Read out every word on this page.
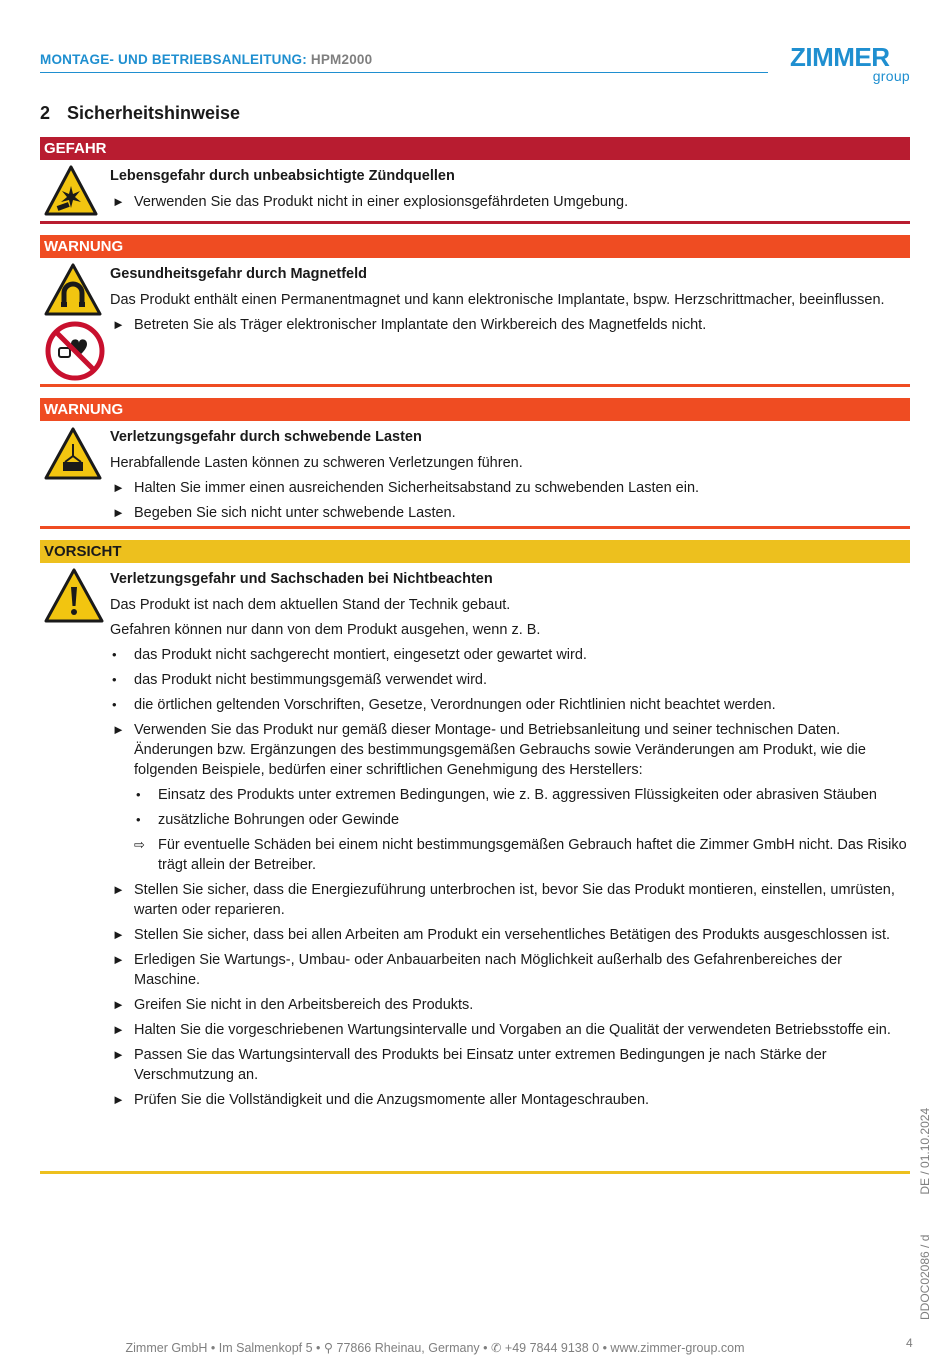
MONTAGE- UND BETRIEBSANLEITUNG: HPM2000	ZIMMER
group
2 Sicherheitshinweise
GEFAHR
Lebensgefahr durch unbeabsichtigte Zündquellen
► Verwenden Sie das Produkt nicht in einer explosionsgefährdeten Umgebung.
WARNUNG
Gesundheitsgefahr durch Magnetfeld

Das Produkt enthält einen Permanentmagnet und kann elektronische Implantate, bspw. Herzschrittmacher, beeinflussen.

► Betreten Sie als Träger elektronischer Implantate den Wirkbereich des Magnetfelds nicht.
WARNUNG
Verletzungsgefahr durch schwebende Lasten

Herabfallende Lasten können zu schweren Verletzungen führen.

► Halten Sie immer einen ausreichenden Sicherheitsabstand zu schwebenden Lasten ein.
► Begeben Sie sich nicht unter schwebende Lasten.
VORSICHT
Verletzungsgefahr und Sachschaden bei Nichtbeachten

Das Produkt ist nach dem aktuellen Stand der Technik gebaut.

Gefahren können nur dann von dem Produkt ausgehen, wenn z. B.

• das Produkt nicht sachgerecht montiert, eingesetzt oder gewartet wird.
• das Produkt nicht bestimmungsgemäß verwendet wird.
• die örtlichen geltenden Vorschriften, Gesetze, Verordnungen oder Richtlinien nicht beachtet werden.
► Verwenden Sie das Produkt nur gemäß dieser Montage- und Betriebsanleitung und seiner technischen Daten. Änderungen bzw. Ergänzungen des bestimmungsgemäßen Gebrauchs sowie Veränderungen am Produkt, wie die folgenden Beispiele, bedürfen einer schriftlichen Genehmigung des Herstellers:
• Einsatz des Produkts unter extremen Bedingungen, wie z. B. aggressiven Flüssigkeiten oder abrasiven Stäuben
• zusätzliche Bohrungen oder Gewinde
⇨ Für eventuelle Schäden bei einem nicht bestimmungsgemäßen Gebrauch haftet die Zimmer GmbH nicht. Das Risiko trägt allein der Betreiber.
► Stellen Sie sicher, dass die Energiezuführung unterbrochen ist, bevor Sie das Produkt montieren, einstellen, umrüsten, warten oder reparieren.
► Stellen Sie sicher, dass bei allen Arbeiten am Produkt ein versehentliches Betätigen des Produkts ausgeschlossen ist.
► Erledigen Sie Wartungs-, Umbau- oder Anbauarbeiten nach Möglichkeit außerhalb des Gefahrenbereiches der Maschine.
► Greifen Sie nicht in den Arbeitsbereich des Produkts.
► Halten Sie die vorgeschriebenen Wartungsintervalle und Vorgaben an die Qualität der verwendeten Betriebsstoffe ein.
► Passen Sie das Wartungsintervall des Produkts bei Einsatz unter extremen Bedingungen je nach Stärke der Verschmutzung an.
► Prüfen Sie die Vollständigkeit und die Anzugsmomente aller Montageschrauben.
DDOC02086 / dDE / 01.10.2024
Zimmer GmbH • Im Salmenkopf 5 • ⚲ 77866 Rheinau, Germany • ✆ +49 7844 9138 0 • www.zimmer-group.com	4
